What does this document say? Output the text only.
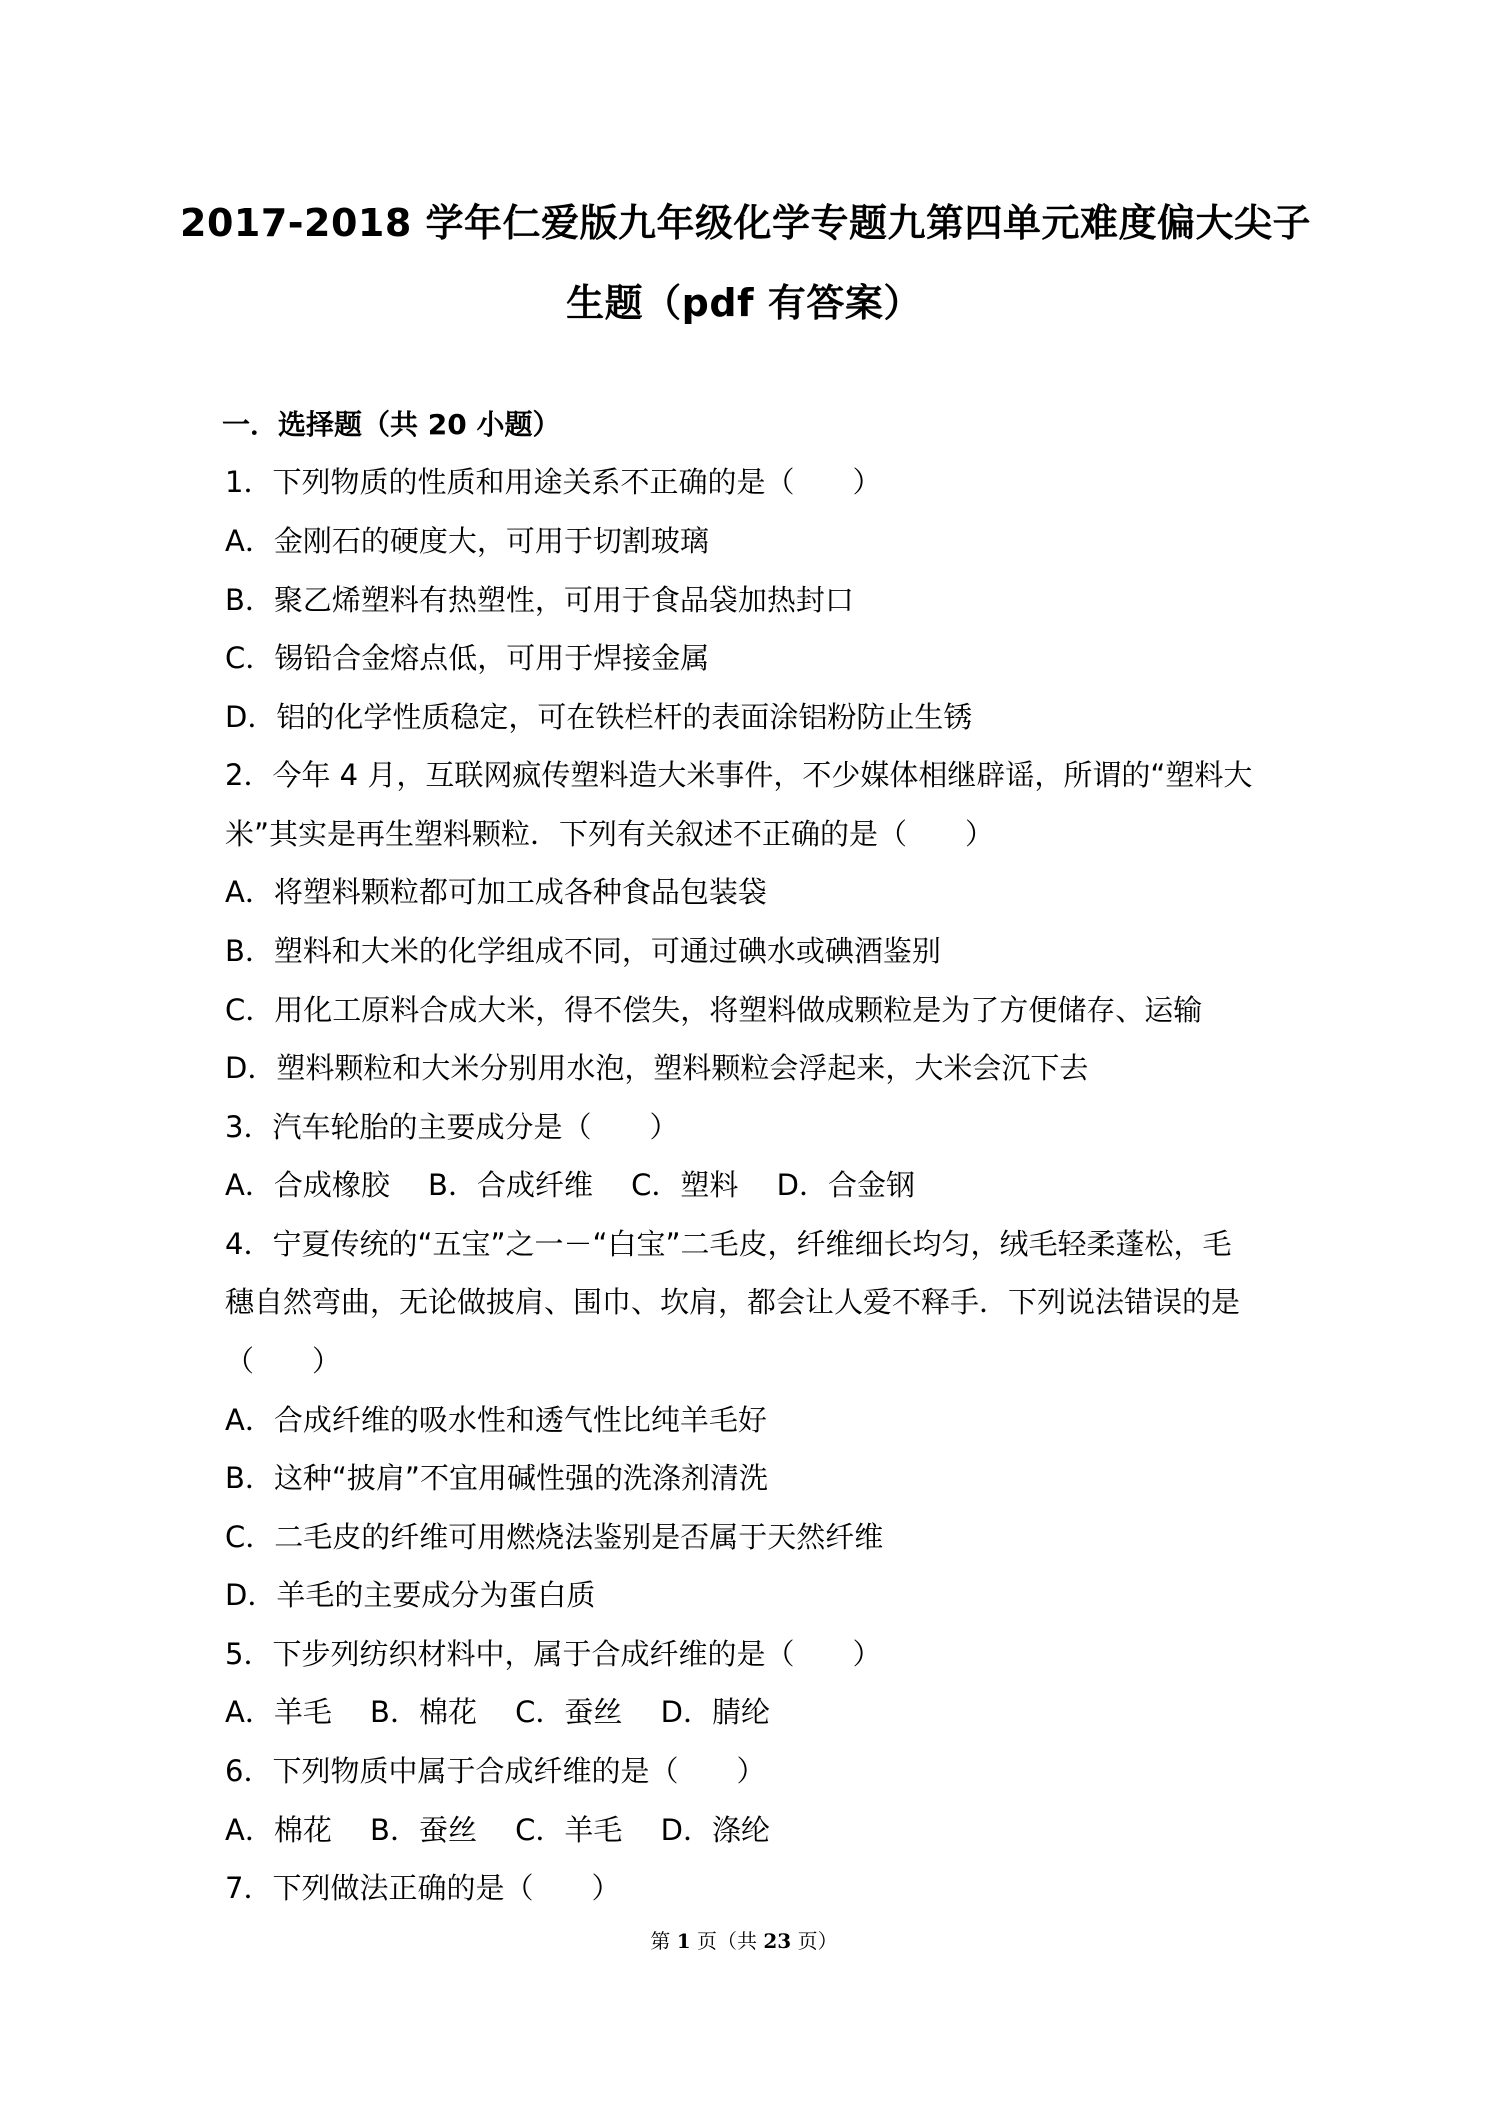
2017-2018 学年仁爱版九年级化学专题九第四单元难度偏大尖子
生题（pdf 有答案）
一．选择题（共 20 小题）
1．下列物质的性质和用途关系不正确的是（　　）
A．金刚石的硬度大，可用于切割玻璃
B．聚乙烯塑料有热塑性，可用于食品袋加热封口
C．锡铅合金熔点低，可用于焊接金属
D．铝的化学性质稳定，可在铁栏杆的表面涂铝粉防止生锈
2．今年 4 月，互联网疯传塑料造大米事件，不少媒体相继辟谣，所谓的“塑料大
米”其实是再生塑料颗粒．下列有关叙述不正确的是（　　）
A．将塑料颗粒都可加工成各种食品包装袋
B．塑料和大米的化学组成不同，可通过碘水或碘酒鉴别
C．用化工原料合成大米，得不偿失，将塑料做成颗粒是为了方便储存、运输
D．塑料颗粒和大米分别用水泡，塑料颗粒会浮起来，大米会沉下去
3．汽车轮胎的主要成分是（　　）
A．合成橡胶　 B．合成纤维　 C．塑料　 D．合金钢
4．宁夏传统的“五宝”之一－“白宝”二毛皮，纤维细长均匀，绒毛轻柔蓬松，毛
穗自然弯曲，无论做披肩、围巾、坎肩，都会让人爱不释手．下列说法错误的是
（　　）
A．合成纤维的吸水性和透气性比纯羊毛好
B．这种“披肩”不宜用碱性强的洗涤剂清洗
C．二毛皮的纤维可用燃烧法鉴别是否属于天然纤维
D．羊毛的主要成分为蛋白质
5．下步列纺织材料中，属于合成纤维的是（　　）
A．羊毛　 B．棉花　 C．蚕丝　 D．腈纶
6．下列物质中属于合成纤维的是（　　）
A．棉花　 B．蚕丝　 C．羊毛　 D．涤纶
7．下列做法正确的是（　　）
第 1 页（共 23 页）
